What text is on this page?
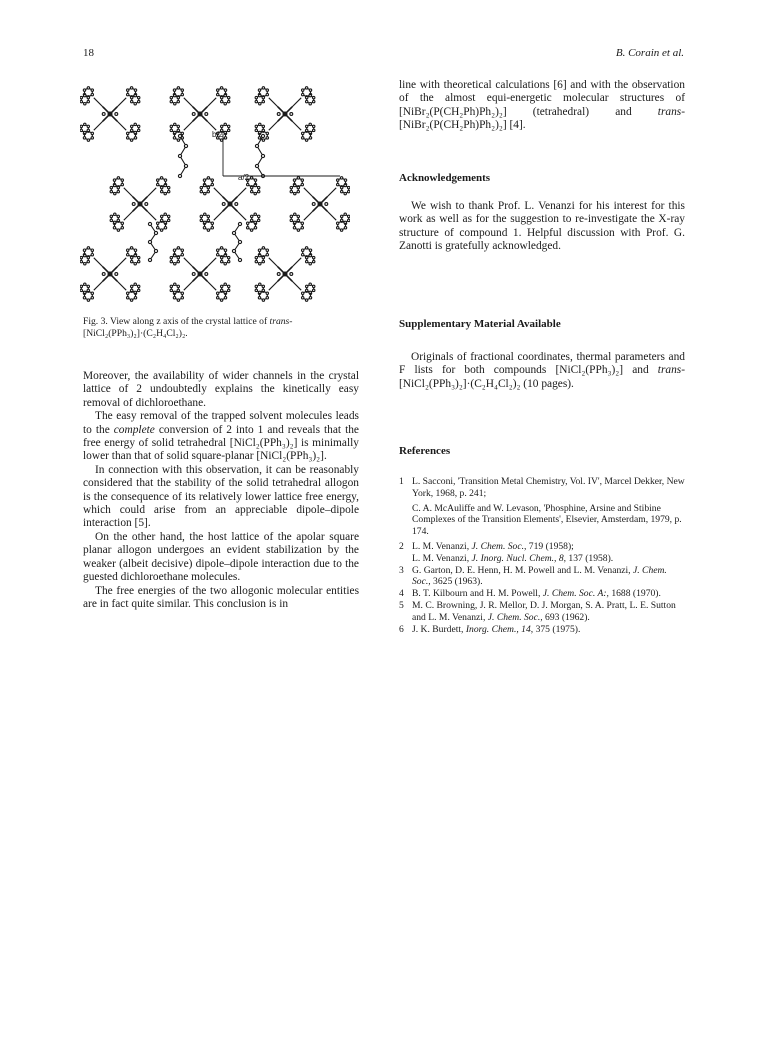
18	B. Corain et al.
b/2
a/2
Fig. 3. View along z axis of the crystal lattice of trans-[NiCl₂(PPh₃)₂]·(C₂H₄Cl₂)₂.

Moreover, the availability of wider channels in the crystal lattice of 2 undoubtedly explains the kinetically easy removal of dichloroethane.

The easy removal of the trapped solvent molecules leads to the complete conversion of 2 into 1 and reveals that the free energy of solid tetrahedral [NiCl₂(PPh₃)₂] is minimally lower than that of solid square-planar [NiCl₂(PPh₃)₂].

In connection with this observation, it can be reasonably considered that the stability of the solid tetrahedral allogon is the consequence of its relatively lower lattice free energy, which could arise from an appreciable dipole–dipole interaction [5].

On the other hand, the host lattice of the apolar square planar allogon undergoes an evident stabilization by the weaker (albeit decisive) dipole–dipole interaction due to the guested dichloroethane molecules.

The free energies of the two allogonic molecular entities are in fact quite similar. This conclusion is in

line with theoretical calculations [6] and with the observation of the almost equi-energetic molecular structures of [NiBr₂(P(CH₂Ph)Ph₂)₂] (tetrahedral) and trans-[NiBr₂(P(CH₂Ph)Ph₂)₂] [4].

Acknowledgements

We wish to thank Prof. L. Venanzi for his interest for this work as well as for the suggestion to re-investigate the X-ray structure of compound 1. Helpful discussion with Prof. G. Zanotti is gratefully acknowledged.

Supplementary Material Available

Originals of fractional coordinates, thermal parameters and F lists for both compounds [NiCl₂(PPh₃)₂] and trans-[NiCl₂(PPh₃)₂]·(C₂H₄Cl₂)₂ (10 pages).

References
1 L. Sacconi, 'Transition Metal Chemistry, Vol. IV', Marcel Dekker, New York, 1968, p. 241;
C. A. McAuliffe and W. Levason, 'Phosphine, Arsine and Stibine Complexes of the Transition Elements', Elsevier, Amsterdam, 1979, p. 174.
2 L. M. Venanzi, J. Chem. Soc., 719 (1958);
L. M. Venanzi, J. Inorg. Nucl. Chem., 8, 137 (1958).
3 G. Garton, D. E. Henn, H. M. Powell and L. M. Venanzi, J. Chem. Soc., 3625 (1963).
4 B. T. Kilbourn and H. M. Powell, J. Chem. Soc. A:, 1688 (1970).
5 M. C. Browning, J. R. Mellor, D. J. Morgan, S. A. Pratt, L. E. Sutton and L. M. Venanzi, J. Chem. Soc., 693 (1962).
6 J. K. Burdett, Inorg. Chem., 14, 375 (1975).
